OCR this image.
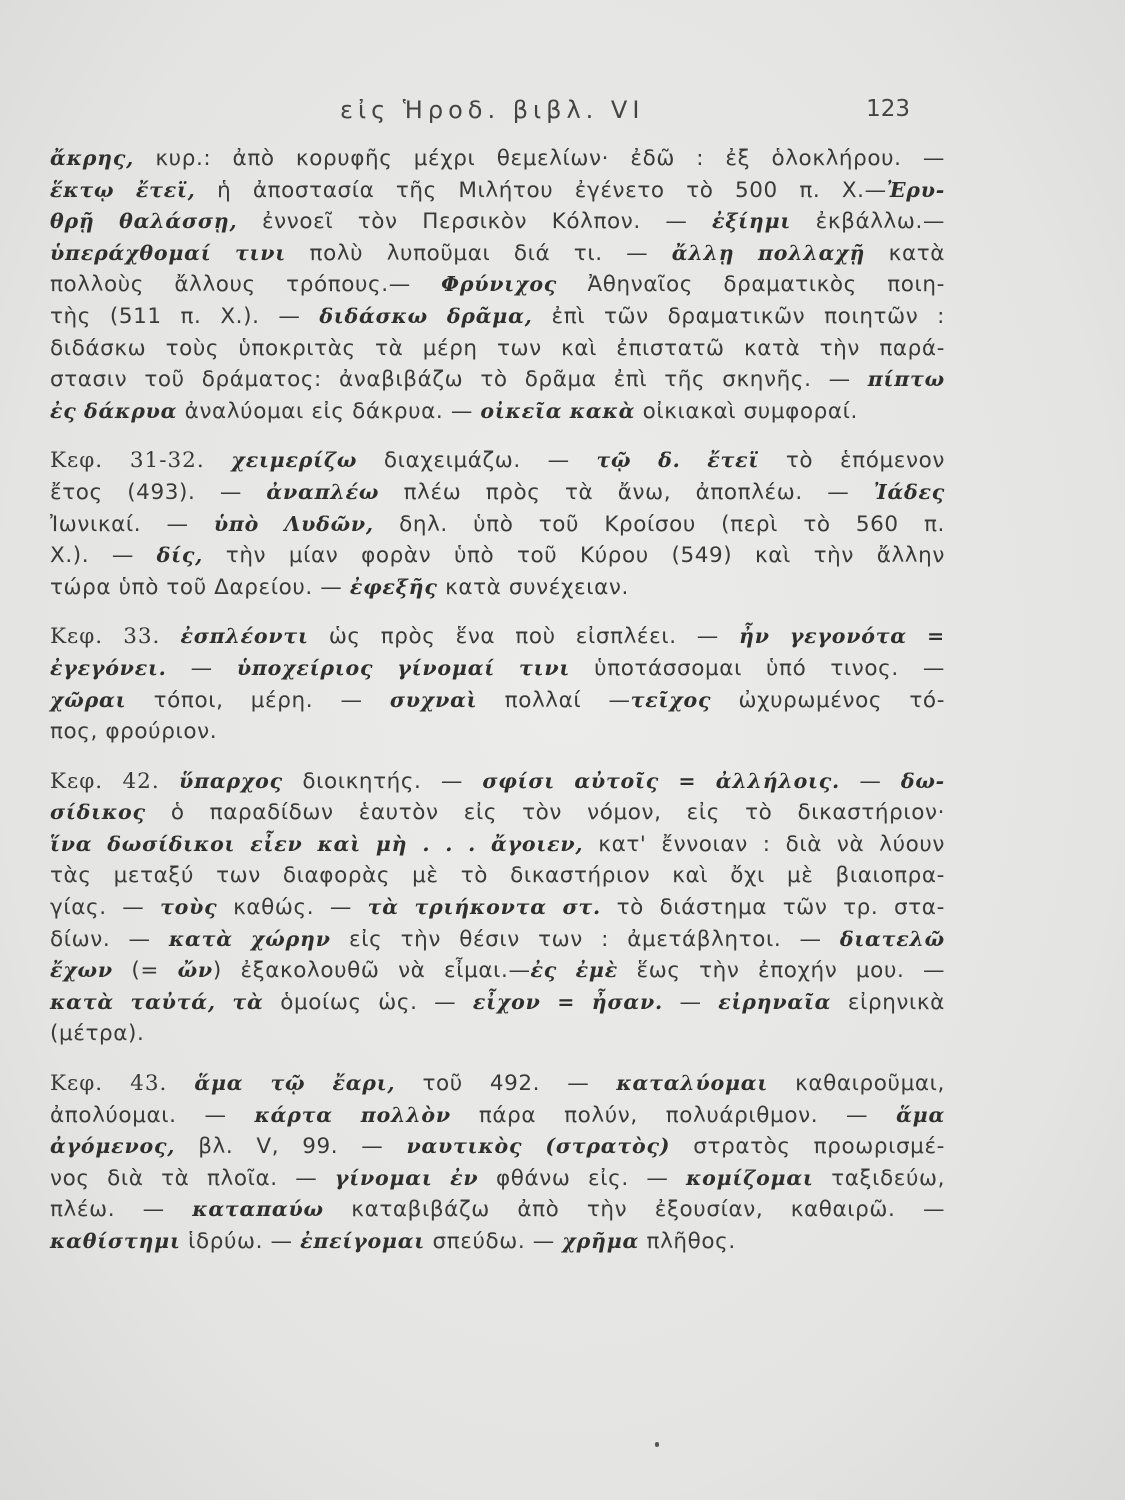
εἰς Ἡροδ. βιβλ. VI	123
ἄκρης, κυρ.: ἀπὸ κορυφῆς μέχρι θεμελίων· ἐδῶ : ἐξ ὁλοκλήρου. —
ἕκτῳ ἔτεϊ, ἡ ἀποστασία τῆς Μιλήτου ἐγένετο τὸ 500 π. Χ.— Ἐρυ-
θρῇ θαλάσσῃ, ἐννοεῖ τὸν Περσικὸν Κόλπον. — ἐξίημι ἐκβάλλω.—
ὑπεράχθομαί τινι πολὺ λυποῦμαι διά τι. — ἄλλῃ πολλαχῇ κατὰ
πολλοὺς ἄλλους τρόπους.— Φρύνιχος Ἀθηναῖος δραματικὸς ποιη-
τὴς (511 π. Χ.). — διδάσκω δρᾶμα, ἐπὶ τῶν δραματικῶν ποιητῶν :
διδάσκω τοὺς ὑποκριτὰς τὰ μέρη των καὶ ἐπιστατῶ κατὰ τὴν παρά-
στασιν τοῦ δράματος: ἀναβιβάζω τὸ δρᾶμα ἐπὶ τῆς σκηνῆς. — πίπτω
ἐς δάκρυα ἀναλύομαι εἰς δάκρυα. — οἰκεῖα κακὰ οἰκιακαὶ συμφοραί.
Κεφ. 31-32. χειμερίζω διαχειμάζω. — τῷ δ. ἔτεϊ τὸ ἑπόμενον
ἔτος (493). — ἀναπλέω πλέω πρὸς τὰ ἄνω, ἀποπλέω. — Ἰάδες
Ἰωνικαί. — ὑπὸ Λυδῶν, δηλ. ὑπὸ τοῦ Κροίσου (περὶ τὸ 560 π.
Χ.). — δίς, τὴν μίαν φορὰν ὑπὸ τοῦ Κύρου (549) καὶ τὴν ἄλλην
τώρα ὑπὸ τοῦ Δαρείου. — ἐφεξῆς κατὰ συνέχειαν.
Κεφ. 33. ἐσπλέοντι ὡς πρὸς ἕνα ποὺ εἰσπλέει. — ἦν γεγονότα =
ἐγεγόνει. — ὑποχείριος γίνομαί τινι ὑποτάσσομαι ὑπό τινος. —
χῶραι τόποι, μέρη. — συχναὶ πολλαί — τεῖχος ὠχυρωμένος τό-
πος, φρούριον.
Κεφ. 42. ὕπαρχος διοικητής. — σφίσι αὐτοῖς = ἀλλήλοις. — δω-
σίδικος ὁ παραδίδων ἑαυτὸν εἰς τὸν νόμον, εἰς τὸ δικαστήριον·
ἵνα δωσίδικοι εἶεν καὶ μὴ . . . ἄγοιεν, κατ' ἔννοιαν : διὰ νὰ λύουν
τὰς μεταξύ των διαφορὰς μὲ τὸ δικαστήριον καὶ ὄχι μὲ βιαιοπρα-
γίας. — τοὺς καθώς. — τὰ τριήκοντα στ. τὸ διάστημα τῶν τρ. στα-
δίων. — κατὰ χώρην εἰς τὴν θέσιν των : ἀμετάβλητοι. — διατελῶ
ἔχων (= ὤν ) ἐξακολουθῶ νὰ εἶμαι.— ἐς ἐμὲ ἕως τὴν ἐποχήν μου. —
κατὰ ταὐτά, τὰ ὁμοίως ὡς. — εἶχον = ἦσαν. — εἰρηναῖα εἰρηνικὰ
(μέτρα).
Κεφ. 43. ἅμα τῷ ἔαρι, τοῦ 492. — καταλύομαι καθαιροῦμαι,
ἀπολύομαι. — κάρτα πολλὸν πάρα πολύν, πολυάριθμον. — ἅμα
ἀγόμενος, βλ. V, 99. — ναυτικὸς (στρατὸς) στρατὸς προωρισμέ-
νος διὰ τὰ πλοῖα. — γίνομαι ἐν φθάνω εἰς. — κομίζομαι ταξιδεύω,
πλέω. — καταπαύω καταβιβάζω ἀπὸ τὴν ἐξουσίαν, καθαιρῶ. —
καθίστημι ἱδρύω. — ἐπείγομαι σπεύδω. — χρῆμα πλῆθος.
